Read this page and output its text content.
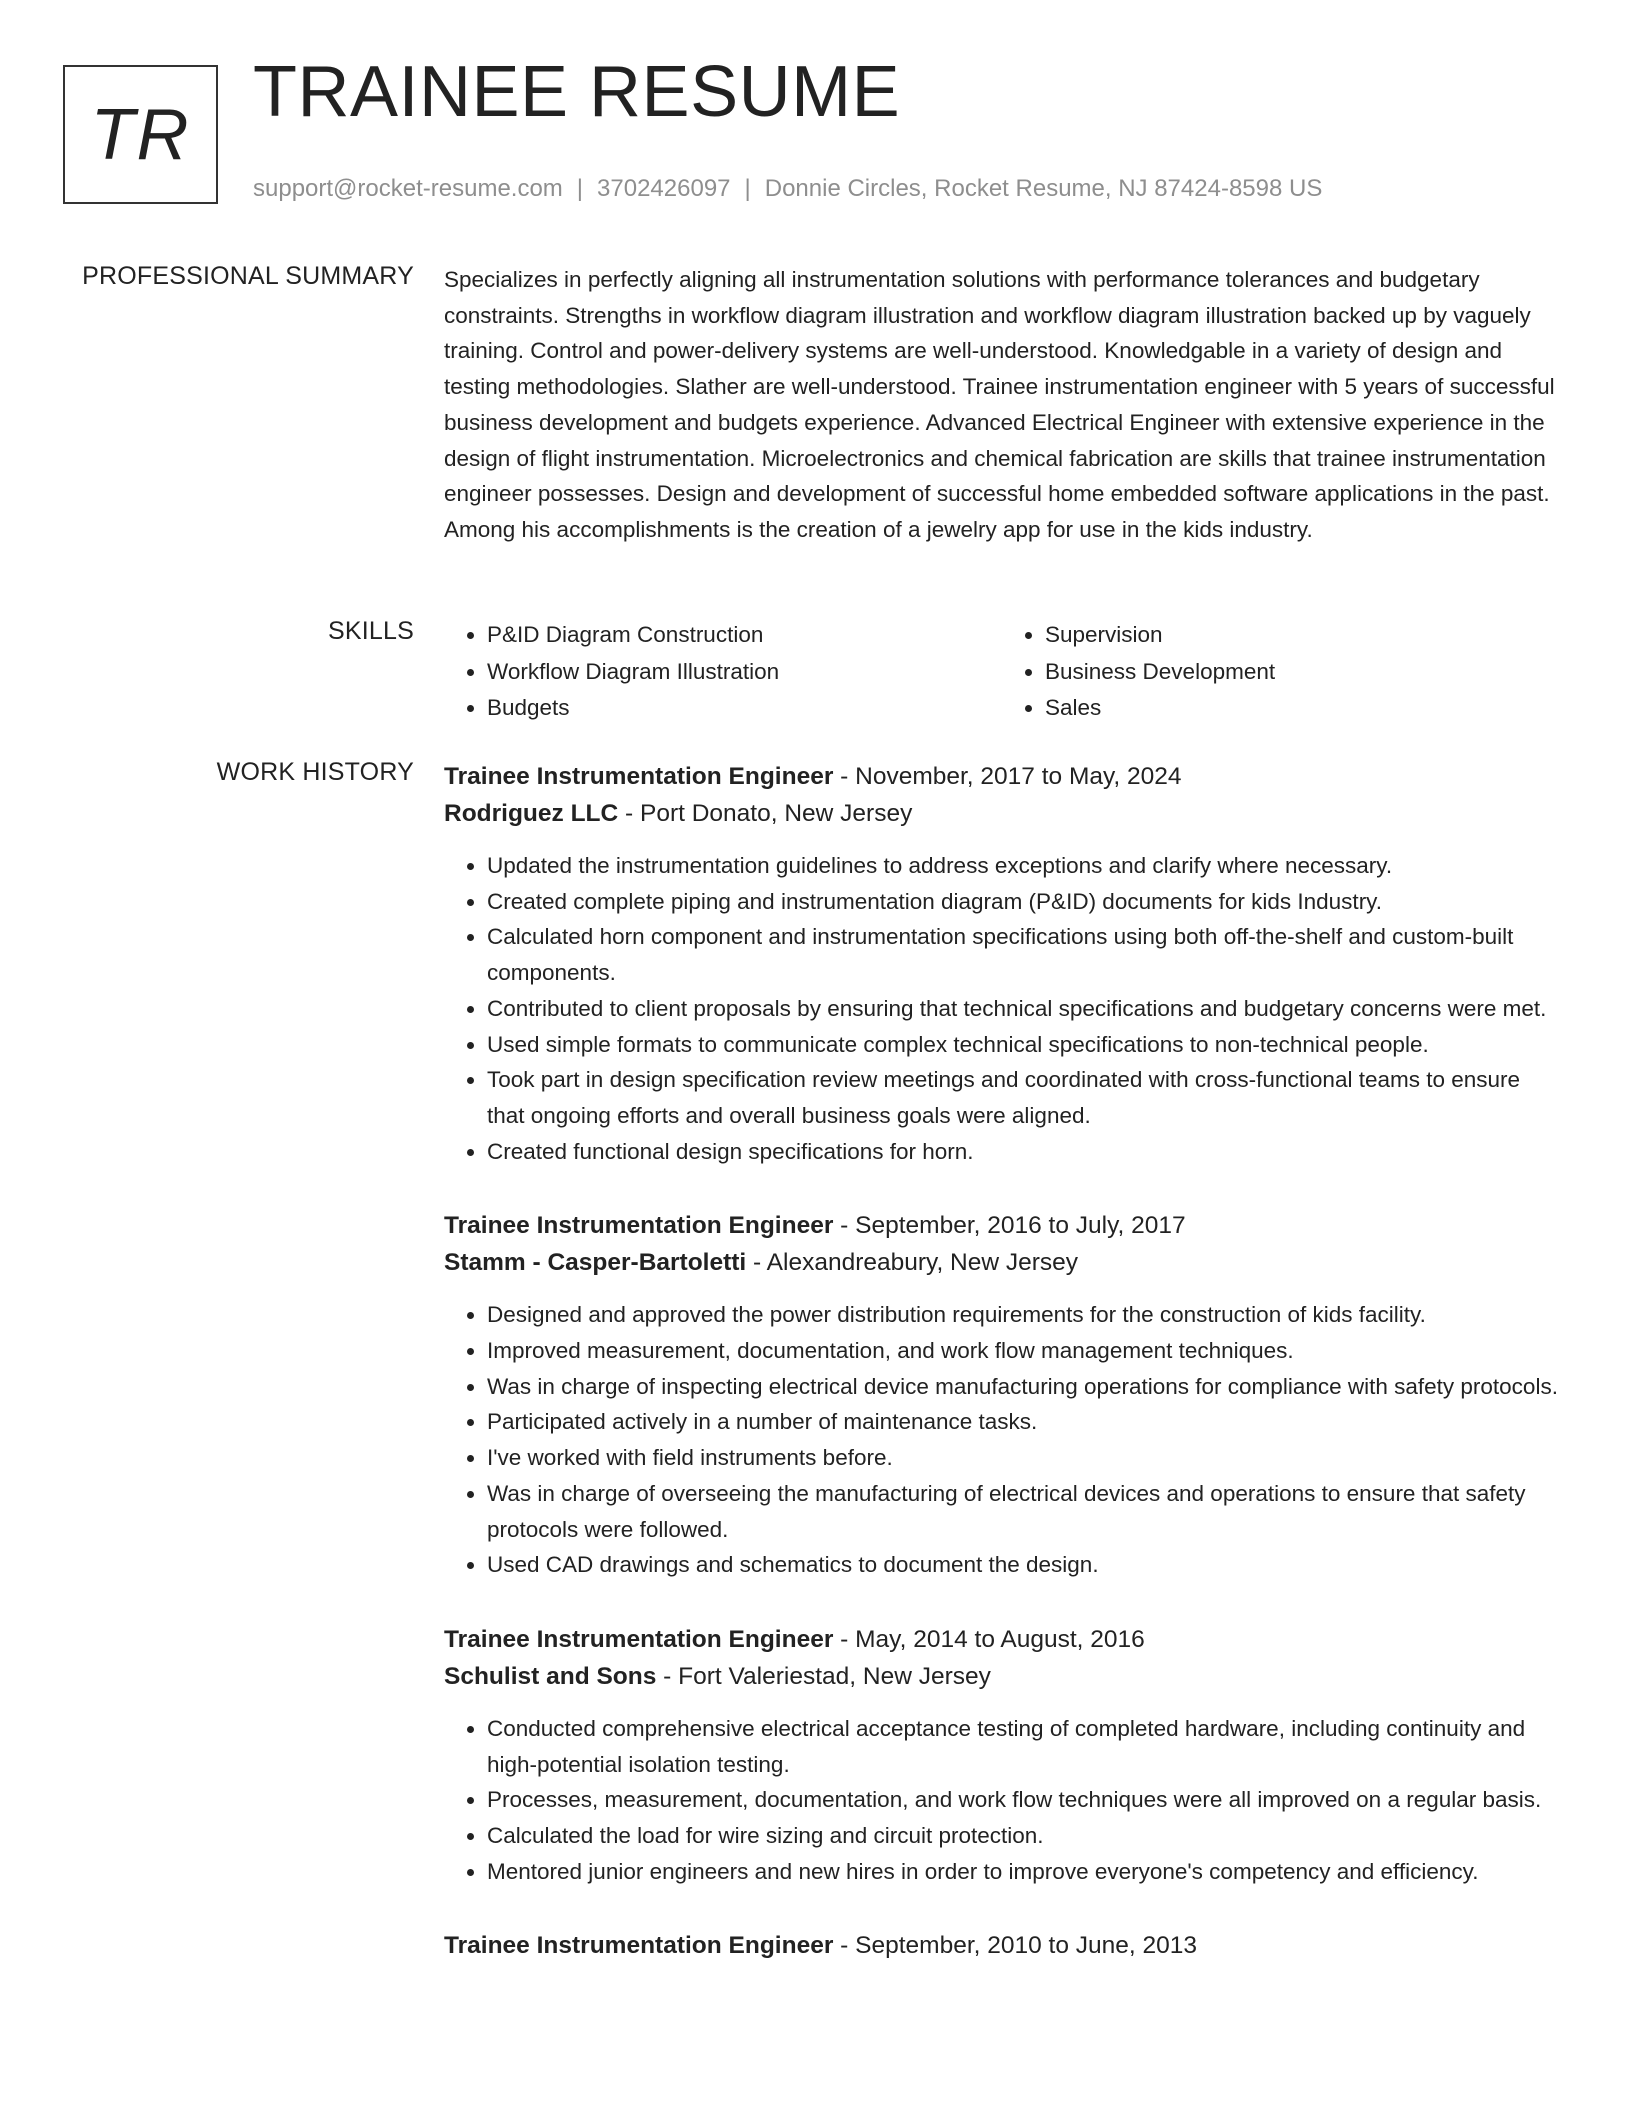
TR
TRAINEE RESUME
support@rocket-resume.com | 3702426097 | Donnie Circles, Rocket Resume, NJ 87424-8598 US
PROFESSIONAL SUMMARY Specializes in perfectly aligning all instrumentation solutions with performance tolerances and budgetary constraints. Strengths in workflow diagram illustration and workflow diagram illustration backed up by vaguely training. Control and power-delivery systems are well-understood. Knowledgable in a variety of design and testing methodologies. Slather are well-understood. Trainee instrumentation engineer with 5 years of successful business development and budgets experience. Advanced Electrical Engineer with extensive experience in the design of flight instrumentation. Microelectronics and chemical fabrication are skills that trainee instrumentation engineer possesses. Design and development of successful home embedded software applications in the past. Among his accomplishments is the creation of a jewelry app for use in the kids industry.

SKILLS
•	P&ID Diagram Construction
• Workflow Diagram Illustration
• Budgets
• Supervision
• Business Development
• Sales
WORK HISTORY Trainee Instrumentation Engineer - November, 2017 to May, 2024
Rodriguez LLC - Port Donato, New Jersey
• Updated the instrumentation guidelines to address exceptions and clarify where necessary.
• Created complete piping and instrumentation diagram (P&ID) documents for kids Industry.
• Calculated horn component and instrumentation specifications using both off-the-shelf and custom-built components.
• Contributed to client proposals by ensuring that technical specifications and budgetary concerns were met.
• Used simple formats to communicate complex technical specifications to non-technical people.
• Took part in design specification review meetings and coordinated with cross-functional teams to ensure that ongoing efforts and overall business goals were aligned.
• Created functional design specifications for horn.
Trainee Instrumentation Engineer - September, 2016 to July, 2017
Stamm - Casper-Bartoletti - Alexandreabury, New Jersey
• Designed and approved the power distribution requirements for the construction of kids facility.
• Improved measurement, documentation, and work flow management techniques.
• Was in charge of inspecting electrical device manufacturing operations for compliance with safety protocols.
• Participated actively in a number of maintenance tasks.
• I've worked with field instruments before.
• Was in charge of overseeing the manufacturing of electrical devices and operations to ensure that safety protocols were followed.
• Used CAD drawings and schematics to document the design.
Trainee Instrumentation Engineer - May, 2014 to August, 2016
Schulist and Sons - Fort Valeriestad, New Jersey
• Conducted comprehensive electrical acceptance testing of completed hardware, including continuity and high-potential isolation testing.
• Processes, measurement, documentation, and work flow techniques were all improved on a regular basis.
• Calculated the load for wire sizing and circuit protection.
• Mentored junior engineers and new hires in order to improve everyone's competency and efficiency.
Trainee Instrumentation Engineer - September, 2010 to June, 2013
